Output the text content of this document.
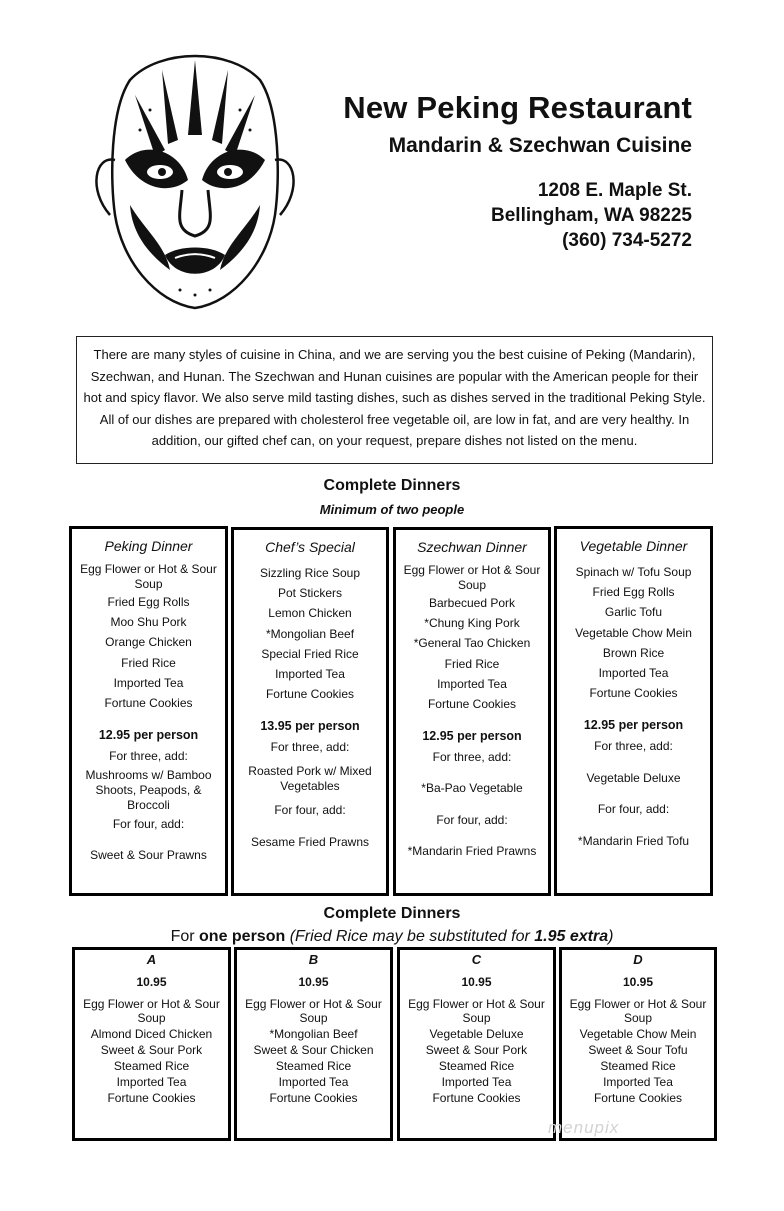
New Peking Restaurant
Mandarin & Szechwan Cuisine
1208 E. Maple St.
Bellingham, WA 98225
(360) 734-5272
There are many styles of cuisine in China, and we are serving you the best cuisine of Peking (Mandarin), Szechwan, and Hunan. The Szechwan and Hunan cuisines are popular with the American people for their hot and spicy flavor. We also serve mild tasting dishes, such as dishes served in the traditional Peking Style. All of our dishes are prepared with cholesterol free vegetable oil, are low in fat, and are very healthy. In addition, our gifted chef can, on your request, prepare dishes not listed on the menu.
Complete Dinners
Minimum of two people
Peking Dinner
Egg Flower or Hot & Sour Soup
Fried Egg Rolls
Moo Shu Pork
Orange Chicken
Fried Rice
Imported Tea
Fortune Cookies
12.95 per person
For three, add:
Mushrooms w/ Bamboo Shoots, Peapods, & Broccoli
For four, add:
Sweet & Sour Prawns
Chef’s Special
Sizzling Rice Soup
Pot Stickers
Lemon Chicken
*Mongolian Beef
Special Fried Rice
Imported Tea
Fortune Cookies
13.95 per person
For three, add:
Roasted Pork w/ Mixed Vegetables
For four, add:
Sesame Fried Prawns
Szechwan Dinner
Egg Flower or Hot & Sour Soup
Barbecued Pork
*Chung King Pork
*General Tao Chicken
Fried Rice
Imported Tea
Fortune Cookies
12.95 per person
For three, add:
*Ba-Pao Vegetable
For four, add:
*Mandarin Fried Prawns
Vegetable Dinner
Spinach w/ Tofu Soup
Fried Egg Rolls
Garlic Tofu
Vegetable Chow Mein
Brown Rice
Imported Tea
Fortune Cookies
12.95 per person
For three, add:
Vegetable Deluxe
For four, add:
*Mandarin Fried Tofu
Complete Dinners
For one person (Fried Rice may be substituted for 1.95 extra)
A
10.95
Egg Flower or Hot & Sour Soup
Almond Diced Chicken
Sweet & Sour Pork
Steamed Rice
Imported Tea
Fortune Cookies
B
10.95
Egg Flower or Hot & Sour Soup
*Mongolian Beef
Sweet & Sour Chicken
Steamed Rice
Imported Tea
Fortune Cookies
C
10.95
Egg Flower or Hot & Sour Soup
Vegetable Deluxe
Sweet & Sour Pork
Steamed Rice
Imported Tea
Fortune Cookies
D
10.95
Egg Flower or Hot & Sour Soup
Vegetable Chow Mein
Sweet & Sour Tofu
Steamed Rice
Imported Tea
Fortune Cookies
menupix
